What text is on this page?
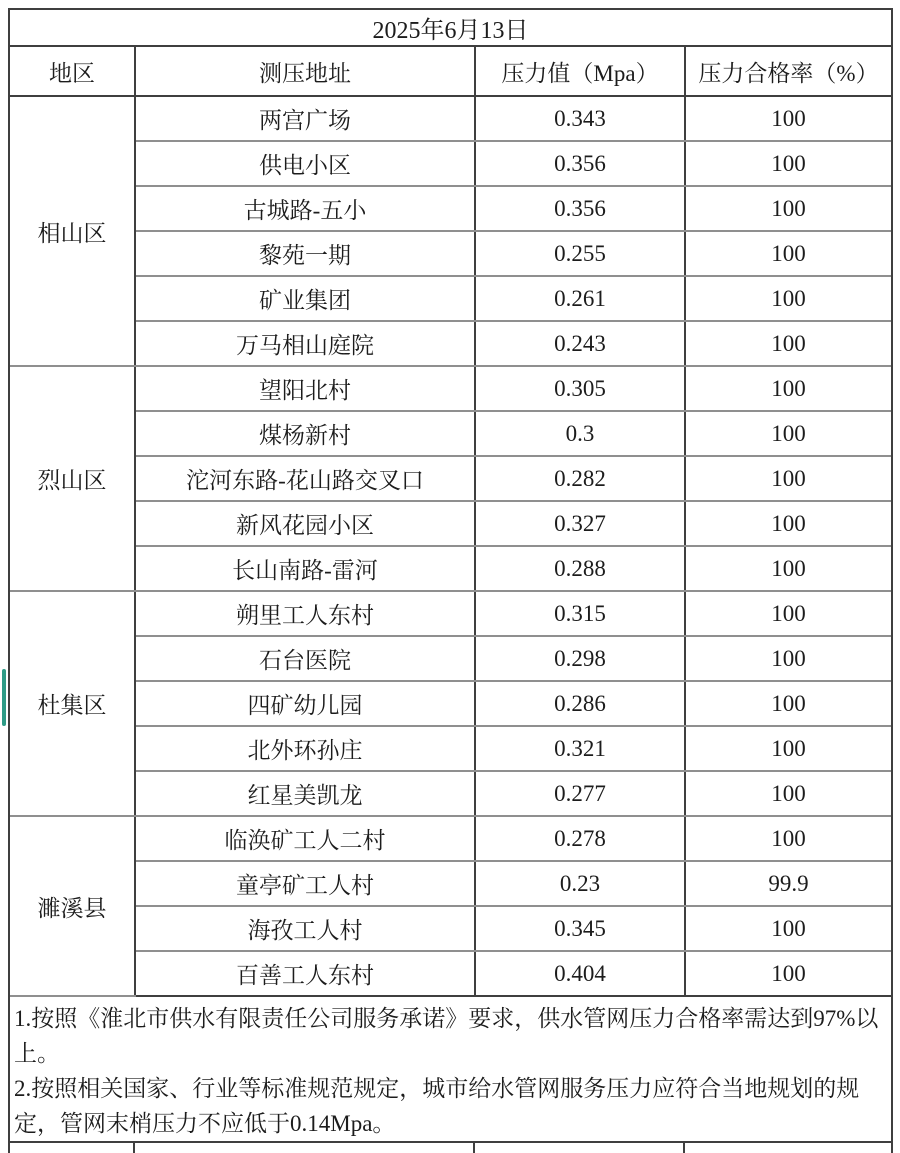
2025年6月13日			
地区	测压地址	压力值（Mpa）	压力合格率（%）
相山区	两宫广场	0.343	100
	供电小区	0.356	100
	古城路-五小	0.356	100
	黎苑一期	0.255	100
	矿业集团	0.261	100
	万马相山庭院	0.243	100
烈山区	望阳北村	0.305	100
	煤杨新村	0.3	100
	沱河东路-花山路交叉口	0.282	100
	新风花园小区	0.327	100
	长山南路-雷河	0.288	100
杜集区	朔里工人东村	0.315	100
	石台医院	0.298	100
	四矿幼儿园	0.286	100
	北外环孙庄	0.321	100
	红星美凯龙	0.277	100
濉溪县	临涣矿工人二村	0.278	100
	童亭矿工人村	0.23	99.9
	海孜工人村	0.345	100
	百善工人东村	0.404	100

1.按照《淮北市供水有限责任公司服务承诺》要求，供水管网压力合格率需达到97%以上。

2.按照相关国家、行业等标准规范规定，城市给水管网服务压力应符合当地规划的规定，管网末梢压力不应低于0.14Mpa。
